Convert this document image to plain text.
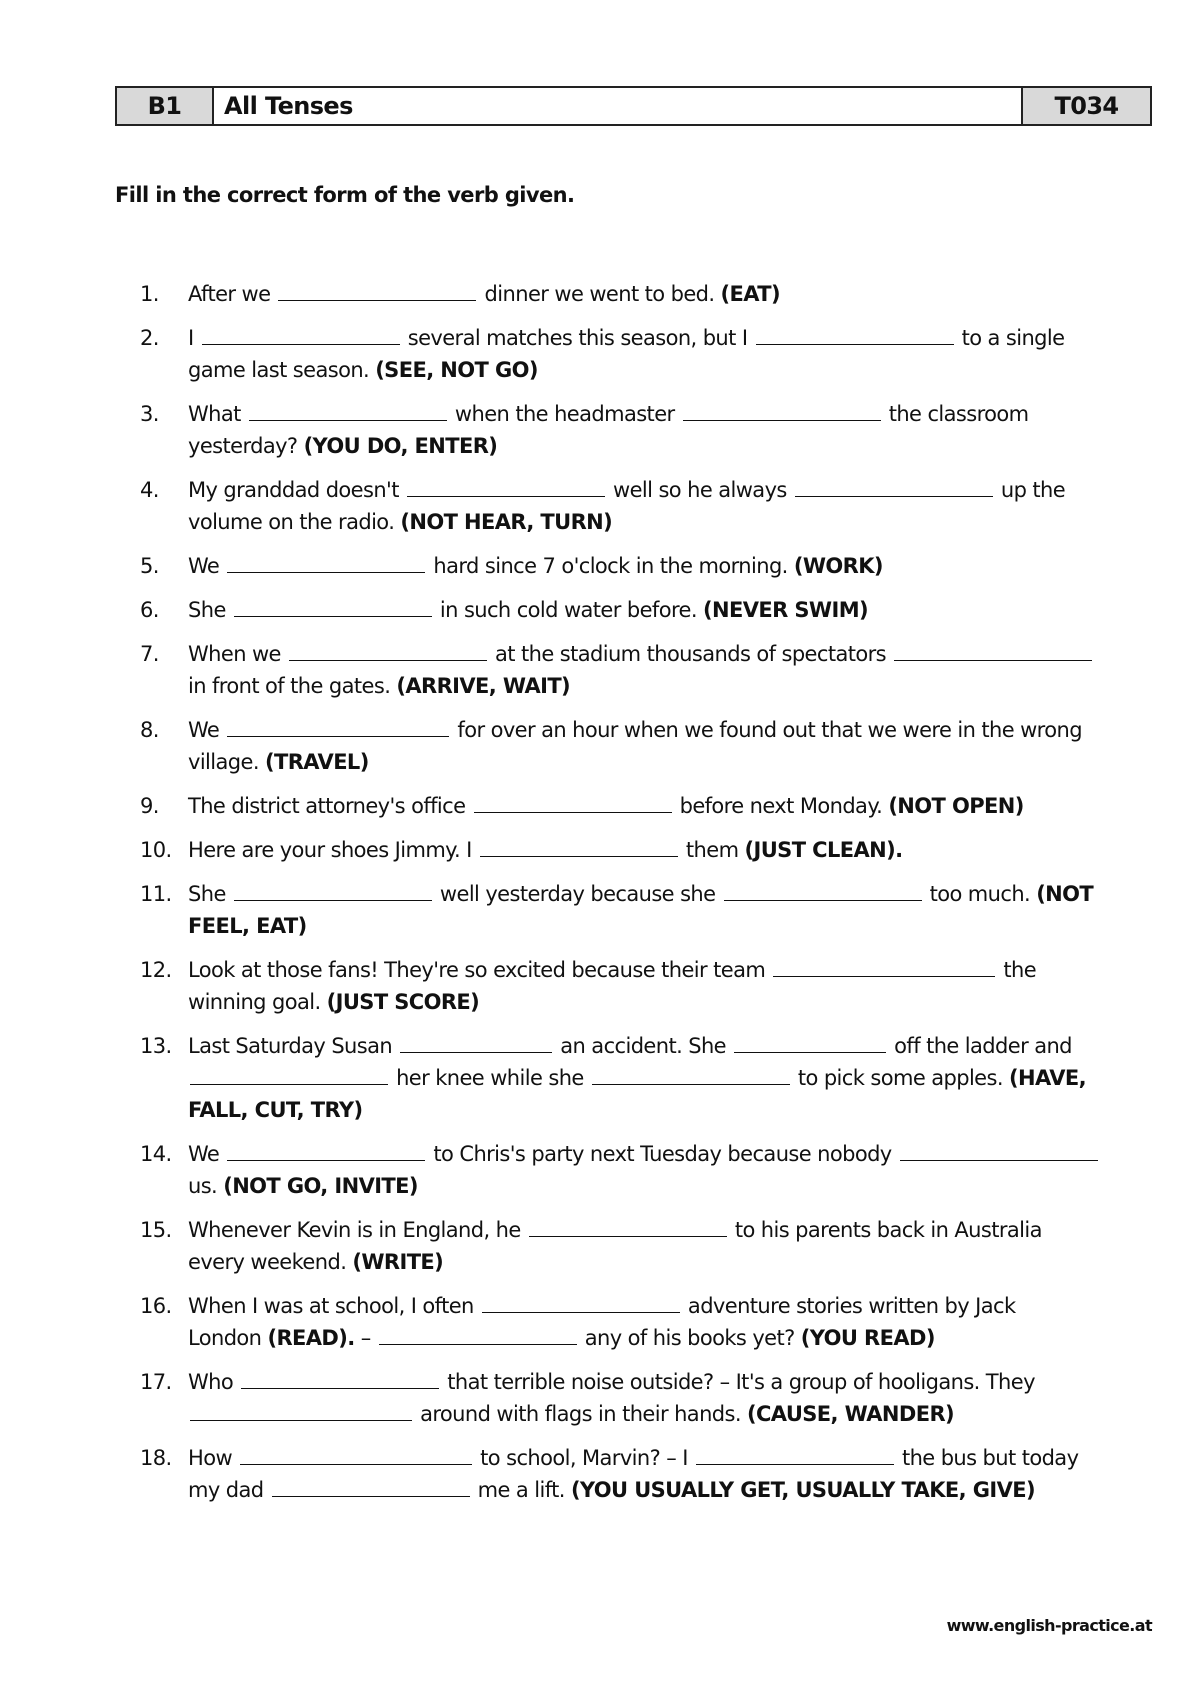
B1	All Tenses	T034
Fill in the correct form of the verb given.
1.	After we	dinner we went to bed. (EAT)
2.	I	several matches this season, but I	to a single
game last season. (SEE, NOT GO)
3.	What	when the headmaster	the classroom
yesterday? (YOU DO, ENTER)
4.	My granddad doesn't	well so he always	up the
volume on the radio. (NOT HEAR, TURN)
5.	We	hard since 7 o'clock in the morning. (WORK)
6.	She	in such cold water before. (NEVER SWIM)
7.	When we	at the stadium thousands of spectators
in front of the gates. (ARRIVE, WAIT)
8.	We	for over an hour when we found out that we were in the wrong
village. (TRAVEL)
9.	The district attorney's office	before next Monday. (NOT OPEN)
10. Here are your shoes Jimmy. I	them (JUST CLEAN).
11. She	well yesterday because she	too much. (NOT
FEEL, EAT)
12. Look at those fans! They're so excited because their team	the
winning goal. (JUST SCORE)
13. Last Saturday Susan	an accident. She	off the ladder and
her knee while she	to pick some apples. (HAVE,
FALL, CUT, TRY)
14. We	to Chris's party next Tuesday because nobody
us. (NOT GO, INVITE)
15. Whenever Kevin is in England, he	to his parents back in Australia
every weekend. (WRITE)
16. When I was at school, I often	adventure stories written by Jack
London (READ). –	any of his books yet? (YOU READ)
17. Who	that terrible noise outside? – It's a group of hooligans. They
around with flags in their hands. (CAUSE, WANDER)
18. How	to school, Marvin? – I	the bus but today
my dad	me a lift. (YOU USUALLY GET, USUALLY TAKE, GIVE)
www.english-practice.at
